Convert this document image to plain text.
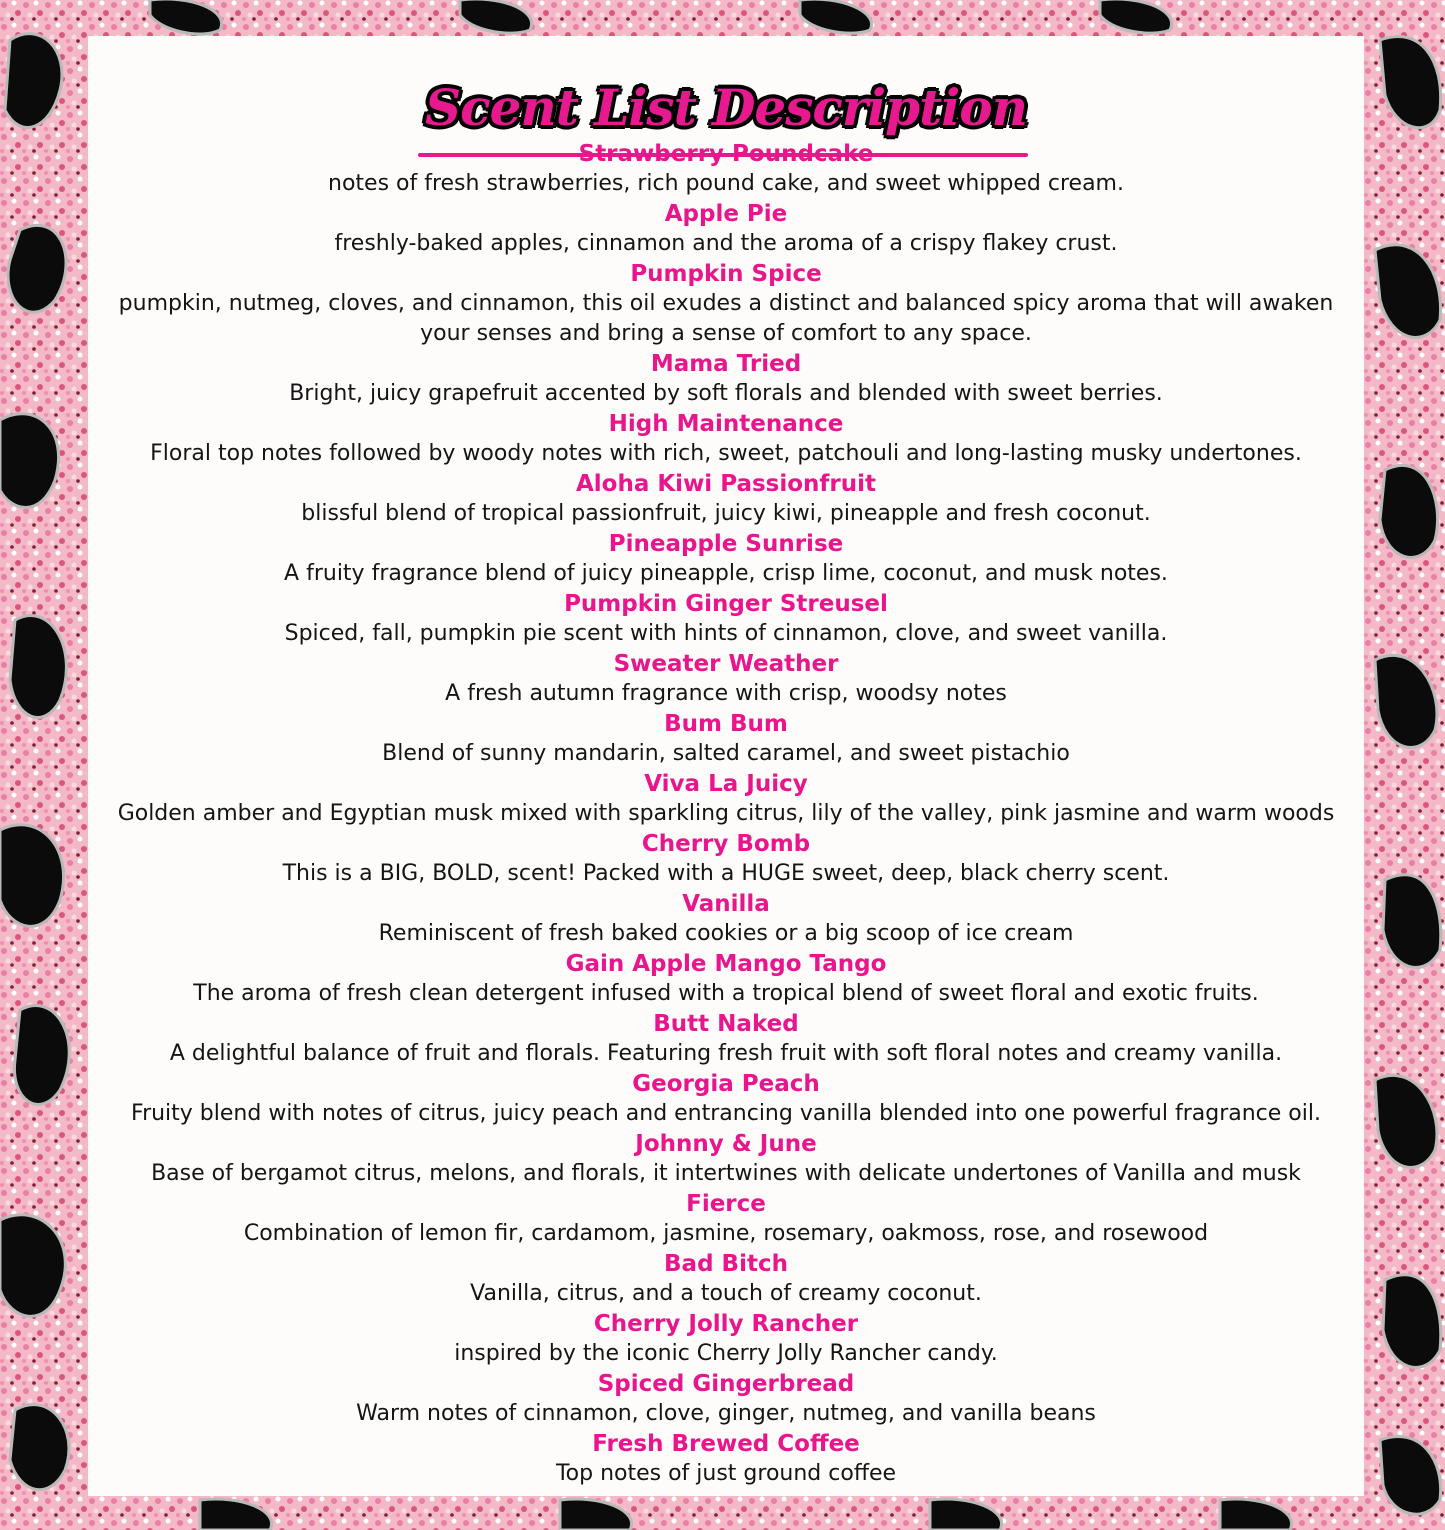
Scent List Description
Strawberry Poundcake
notes of fresh strawberries, rich pound cake, and sweet whipped cream.
Apple Pie
freshly-baked apples, cinnamon and the aroma of a crispy flakey crust.
Pumpkin Spice
pumpkin, nutmeg, cloves, and cinnamon, this oil exudes a distinct and balanced spicy aroma that will awaken your senses and bring a sense of comfort to any space.
Mama Tried
Bright, juicy grapefruit accented by soft florals and blended with sweet berries.
High Maintenance
Floral top notes followed by woody notes with rich, sweet, patchouli and long-lasting musky undertones.
Aloha Kiwi Passionfruit
blissful blend of tropical passionfruit, juicy kiwi, pineapple and fresh coconut.
Pineapple Sunrise
A fruity fragrance blend of juicy pineapple, crisp lime, coconut, and musk notes.
Pumpkin Ginger Streusel
Spiced, fall, pumpkin pie scent with hints of cinnamon, clove, and sweet vanilla.
Sweater Weather
A fresh autumn fragrance with crisp, woodsy notes
Bum Bum
Blend of sunny mandarin, salted caramel, and sweet pistachio
Viva La Juicy
Golden amber and Egyptian musk mixed with sparkling citrus, lily of the valley, pink jasmine and warm woods
Cherry Bomb
This is a BIG, BOLD, scent! Packed with a HUGE sweet, deep, black cherry scent.
Vanilla
Reminiscent of fresh baked cookies or a big scoop of ice cream
Gain Apple Mango Tango
The aroma of fresh clean detergent infused with a tropical blend of sweet floral and exotic fruits.
Butt Naked
A delightful balance of fruit and florals. Featuring fresh fruit with soft floral notes and creamy vanilla.
Georgia Peach
Fruity blend with notes of citrus, juicy peach and entrancing vanilla blended into one powerful fragrance oil.
Johnny & June
Base of bergamot citrus, melons, and florals, it intertwines with delicate undertones of Vanilla and musk
Fierce
Combination of lemon fir, cardamom, jasmine, rosemary, oakmoss, rose, and rosewood
Bad Bitch
Vanilla, citrus, and a touch of creamy coconut.
Cherry Jolly Rancher
inspired by the iconic Cherry Jolly Rancher candy.
Spiced Gingerbread
Warm notes of cinnamon, clove, ginger, nutmeg, and vanilla beans
Fresh Brewed Coffee
Top notes of just ground coffee
